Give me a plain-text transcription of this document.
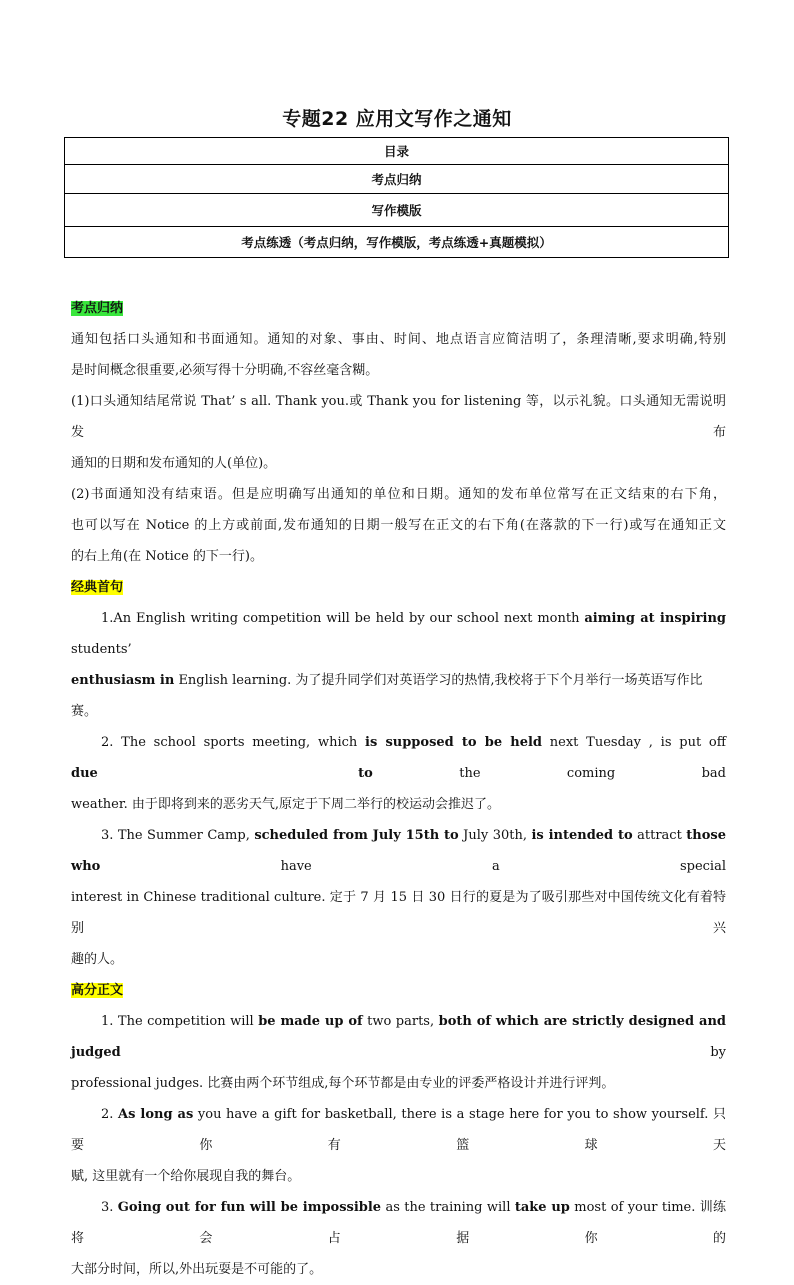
专题22 应用文写作之通知
目录
考点归纳
写作模版
考点练透（考点归纳，写作模版，考点练透+真题模拟）

考点归纳

通知包括口头通知和书面通知。通知的对象、事由、时间、地点语言应简洁明了，条理清晰,要求明确,特别

是时间概念很重要,必须写得十分明确,不容丝毫含糊。

(1)口头通知结尾常说 That’ s all. Thank you.或 Thank you for listening 等，以示礼貌。口头通知无需说明发布

通知的日期和发布通知的人(单位)。

(2)书面通知没有结束语。但是应明确写出通知的单位和日期。通知的发布单位常写在正文结束的右下角，

也可以写在 Notice 的上方或前面,发布通知的日期一般写在正文的右下角(在落款的下一行)或写在通知正文

的右上角(在 Notice 的下一行)。

经典首句

1.An English writing competition will be held by our school next month aiming at inspiring students’

enthusiasm in English learning. 为了提升同学们对英语学习的热情,我校将于下个月举行一场英语写作比赛。

2. The school sports meeting, which is supposed to be held next Tuesday , is put off due   to the coming bad

weather. 由于即将到来的恶劣天气,原定于下周二举行的校运动会推迟了。

3. The Summer Camp, scheduled from July 15th to July 30th, is intended to attract those who have a special

interest in Chinese traditional culture. 定于 7 月 15 日 30 日行的夏是为了吸引那些对中国传统文化有着特别兴

趣的人。

高分正文

1. The competition will be made up of two parts, both of which are strictly designed and judged by

professional judges. 比赛由两个环节组成,每个环节都是由专业的评委严格设计并进行评判。

2. As long as you have a gift for basketball, there is a stage here for you to show yourself. 只要你有篮球天

赋, 这里就有一个给你展现自我的舞台。

3. Going out for fun will be impossible as the training will take up most of your time. 训练将会占据你的

大部分时间，所以,外出玩耍是不可能的了。
